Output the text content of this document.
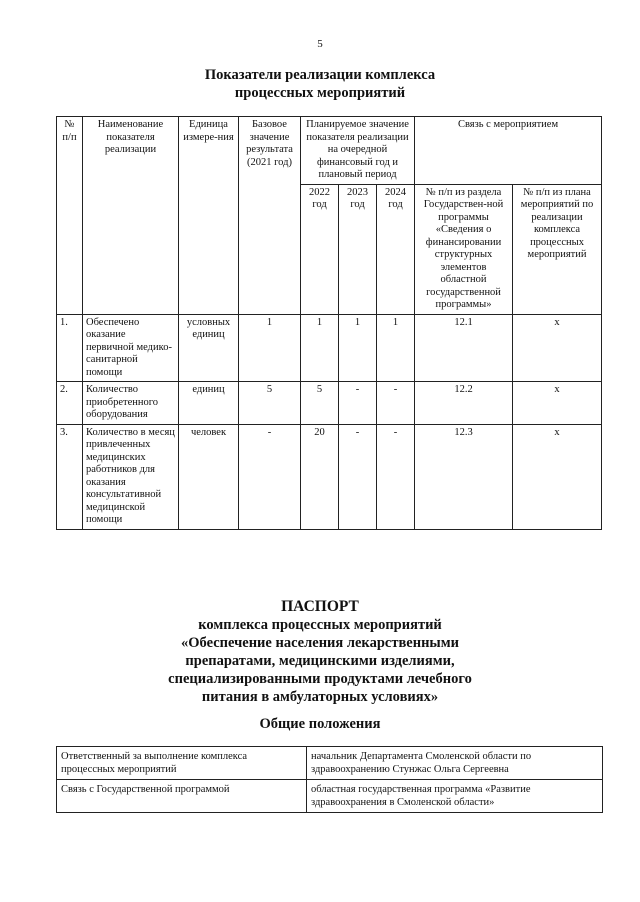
5
Показатели реализации комплекса
процессных мероприятий
№ п/п	Наименование показателя реализации	Единица измере-ния	Базовое значение результата (2021 год)	Планируемое значение показателя реализации на очередной финансовый год и плановый период			Связь с мероприятием	
				2022 год	2023 год	2024 год	№ п/п из раздела Государствен-ной программы «Сведения о финансировании структурных элементов областной государственной программы»	№ п/п из плана мероприятий по реализации комплекса процессных мероприятий
1.	Обеспечено оказание первичной медико-санитарной помощи	условных единиц	1	1	1	1	12.1	x
2.	Количество приобретенного оборудования	единиц	5	5	-	-	12.2	x
3.	Количество в месяц привлеченных медицинских работников для оказания консультативной медицинской помощи	человек	-	20	-	-	12.3	x
ПАСПОРТ
комплекса процессных мероприятий
«Обеспечение населения лекарственными
препаратами, медицинскими изделиями,
специализированными продуктами лечебного
питания в амбулаторных условиях»
Общие положения
Ответственный за выполнение комплекса процессных мероприятий	начальник Департамента Смоленской области по здравоохранению Стунжас Ольга Сергеевна
Связь с Государственной программой	областная государственная программа «Развитие здравоохранения в Смоленской области»
